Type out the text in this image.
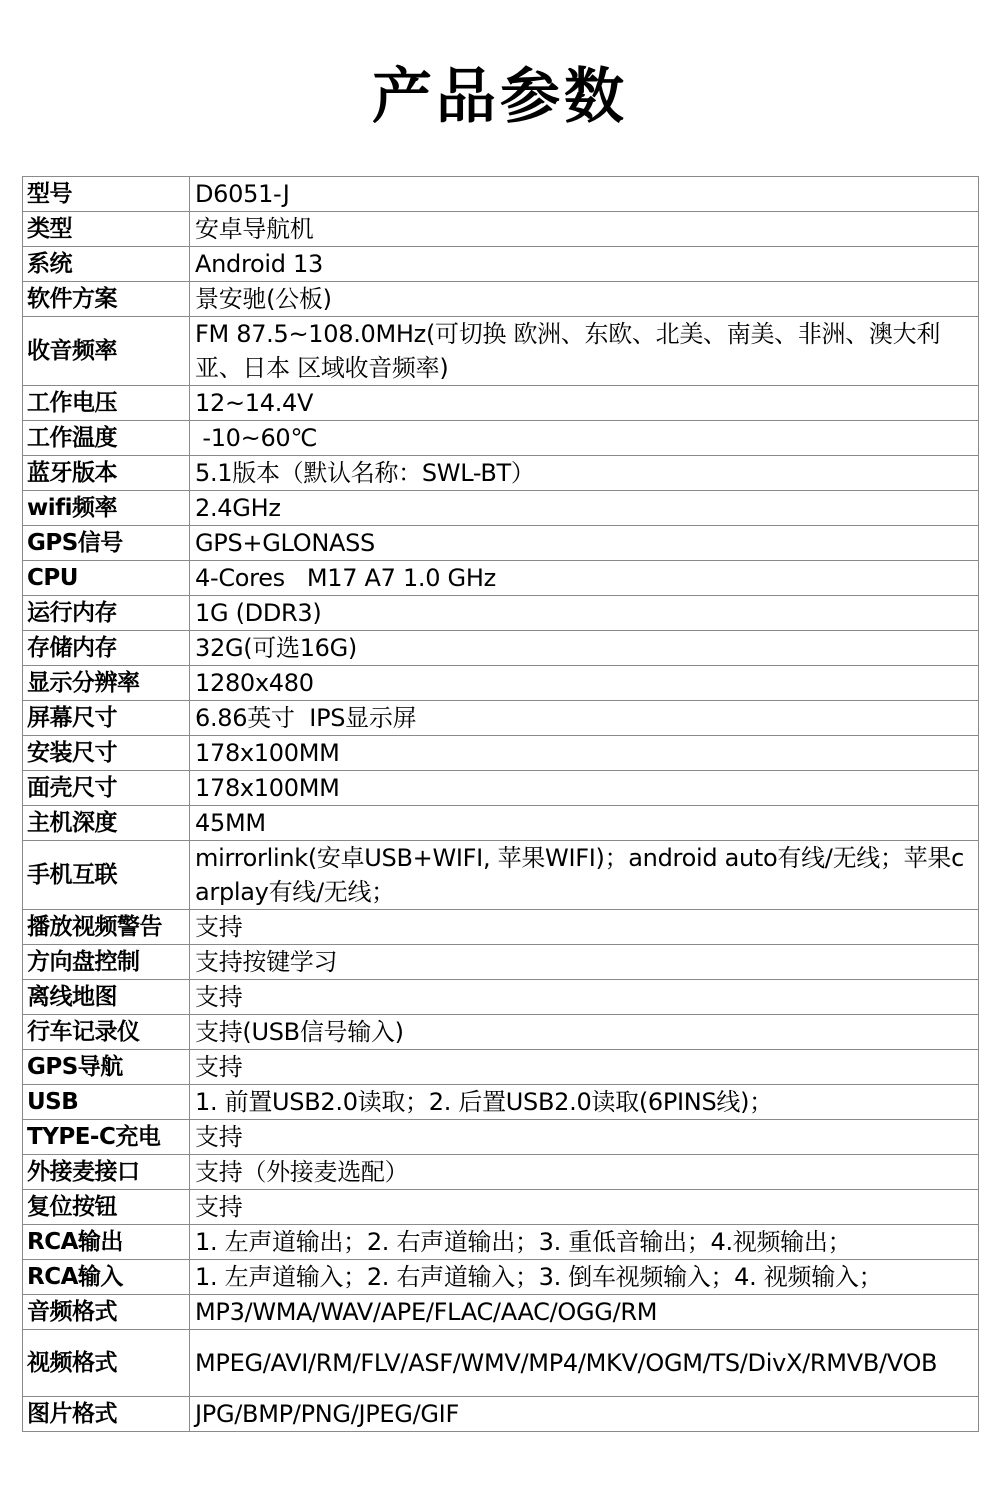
产品参数
型号	D6051-J
类型	安卓导航机
系统	Android 13
软件方案	景安驰(公板)
收音频率	FM 87.5~108.0MHz(可切换 欧洲、东欧、北美、南美、非洲、澳大利亚、日本 区域收音频率)
工作电压	12~14.4V
工作温度	-10~60℃
蓝牙版本	5.1版本（默认名称：SWL-BT）
wifi频率	2.4GHz
GPS信号	GPS+GLONASS
CPU	4-Cores   M17 A7 1.0 GHz
运行内存	1G (DDR3)
存储内存	32G(可选16G)
显示分辨率	1280x480
屏幕尺寸	6.86英寸  IPS显示屏
安装尺寸	178x100MM
面壳尺寸	178x100MM
主机深度	45MM
手机互联	mirrorlink(安卓USB+WIFI, 苹果WIFI)；android auto有线/无线；苹果carplay有线/无线；
播放视频警告	支持
方向盘控制	支持按键学习
离线地图	支持
行车记录仪	支持(USB信号输入)
GPS导航	支持
USB	1. 前置USB2.0读取；2. 后置USB2.0读取(6PINS线)；
TYPE-C充电	支持
外接麦接口	支持（外接麦选配）
复位按钮	支持
RCA输出	1. 左声道输出；2. 右声道输出；3. 重低音输出；4.视频输出；
RCA输入	1. 左声道输入；2. 右声道输入；3. 倒车视频输入；4. 视频输入；
音频格式	MP3/WMA/WAV/APE/FLAC/AAC/OGG/RM
视频格式	MPEG/AVI/RM/FLV/ASF/WMV/MP4/MKV/OGM/TS/DivX/RMVB/VOB
图片格式	JPG/BMP/PNG/JPEG/GIF
